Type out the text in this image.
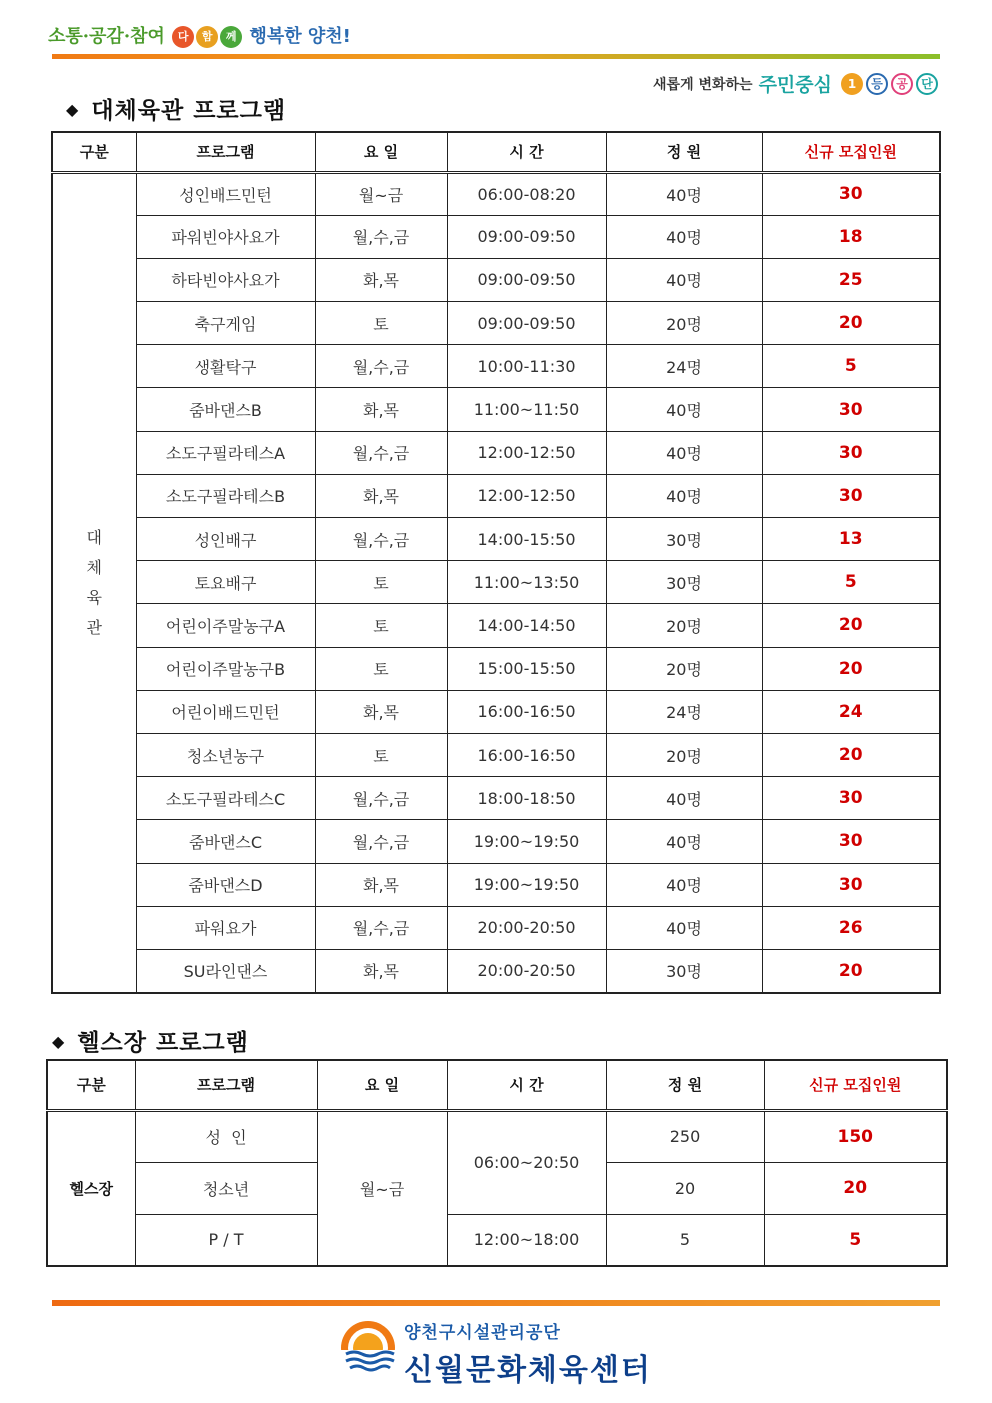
소통·공감·참여 다 함 께 행복한 양천!
새롭게 변화하는 주민중심	1	등	공	단
◆ 대체육관 프로그램
구분	프로그램	요 일	시 간	정 원	신규 모집인원

대
체
육
관	성인배드민턴	월~금	06:00-08:20	40명	30
	파워빈야사요가	월,수,금	09:00-09:50	40명	18
	하타빈야사요가	화,목	09:00-09:50	40명	25
	축구게임	토	09:00-09:50	20명	20
	생활탁구	월,수,금	10:00-11:30	24명	5
	줌바댄스B	화,목	11:00~11:50	40명	30
	소도구필라테스A	월,수,금	12:00-12:50	40명	30
	소도구필라테스B	화,목	12:00-12:50	40명	30
	성인배구	월,수,금	14:00-15:50	30명	13
	토요배구	토	11:00~13:50	30명	5
	어린이주말농구A	토	14:00-14:50	20명	20
	어린이주말농구B	토	15:00-15:50	20명	20
	어린이배드민턴	화,목	16:00-16:50	24명	24
	청소년농구	토	16:00-16:50	20명	20
	소도구필라테스C	월,수,금	18:00-18:50	40명	30
	줌바댄스C	월,수,금	19:00~19:50	40명	30
	줌바댄스D	화,목	19:00~19:50	40명	30
	파워요가	월,수,금	20:00-20:50	40명	26
	SU라인댄스	화,목	20:00-20:50	30명	20
◆ 헬스장 프로그램
구분	프로그램	요 일	시 간	정 원	신규 모집인원
헬스장	성  인	월~금	06:00~20:50	250	150
	청소년			20	20
	P / T		12:00~18:00	5	5
양천구시설관리공단
신월문화체육센터
